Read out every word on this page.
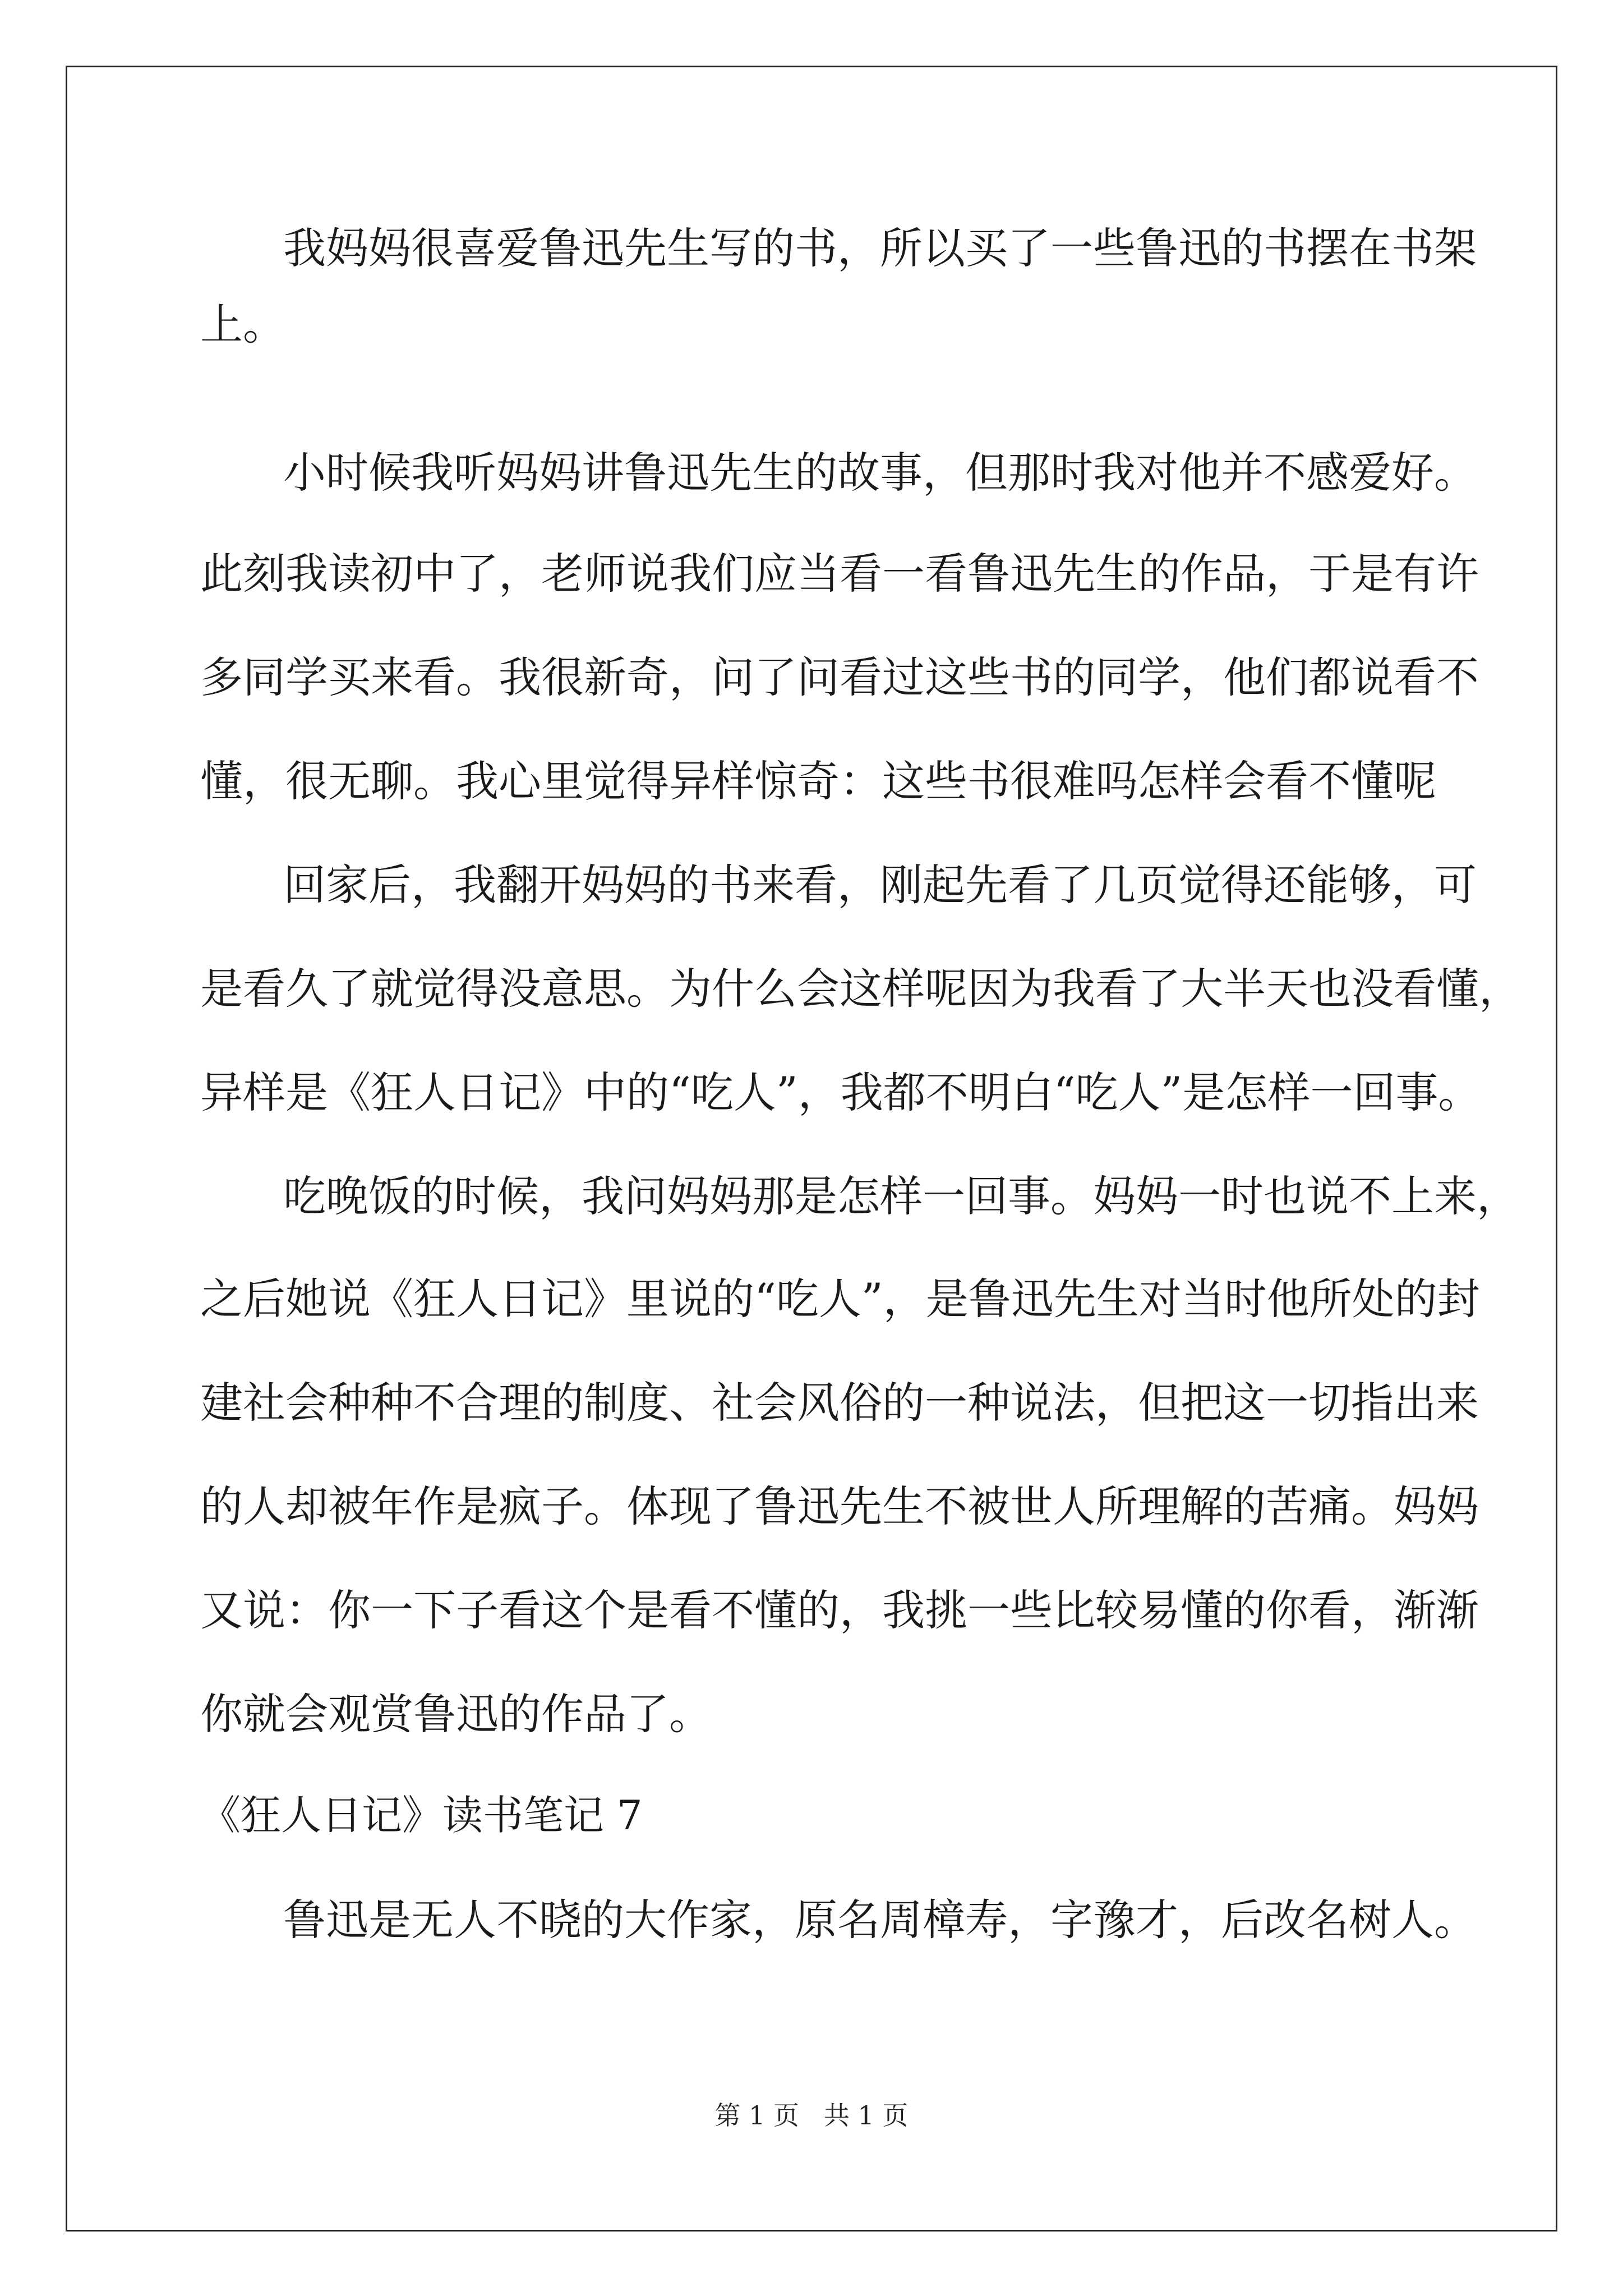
我妈妈很喜爱鲁迅先生写的书，所以买了一些鲁迅的书摆在书架
上。
小时候我听妈妈讲鲁迅先生的故事，但那时我对他并不感爱好。
此刻我读初中了，老师说我们应当看一看鲁迅先生的作品，于是有许
多同学买来看。我很新奇，问了问看过这些书的同学，他们都说看不
懂，很无聊。我心里觉得异样惊奇：这些书很难吗怎样会看不懂呢
回家后，我翻开妈妈的书来看，刚起先看了几页觉得还能够，可
是看久了就觉得没意思。为什么会这样呢因为我看了大半天也没看懂，
异样是《狂人日记》中的“吃人”，我都不明白“吃人”是怎样一回事。
吃晚饭的时候，我问妈妈那是怎样一回事。妈妈一时也说不上来，
之后她说《狂人日记》里说的“吃人”，是鲁迅先生对当时他所处的封
建社会种种不合理的制度、社会风俗的一种说法，但把这一切指出来
的人却被年作是疯子。体现了鲁迅先生不被世人所理解的苦痛。妈妈
又说：你一下子看这个是看不懂的，我挑一些比较易懂的你看，渐渐
你就会观赏鲁迅的作品了。
《狂人日记》读书笔记 7
鲁迅是无人不晓的大作家，原名周樟寿，字豫才，后改名树人。
第 1 页   共 1 页
